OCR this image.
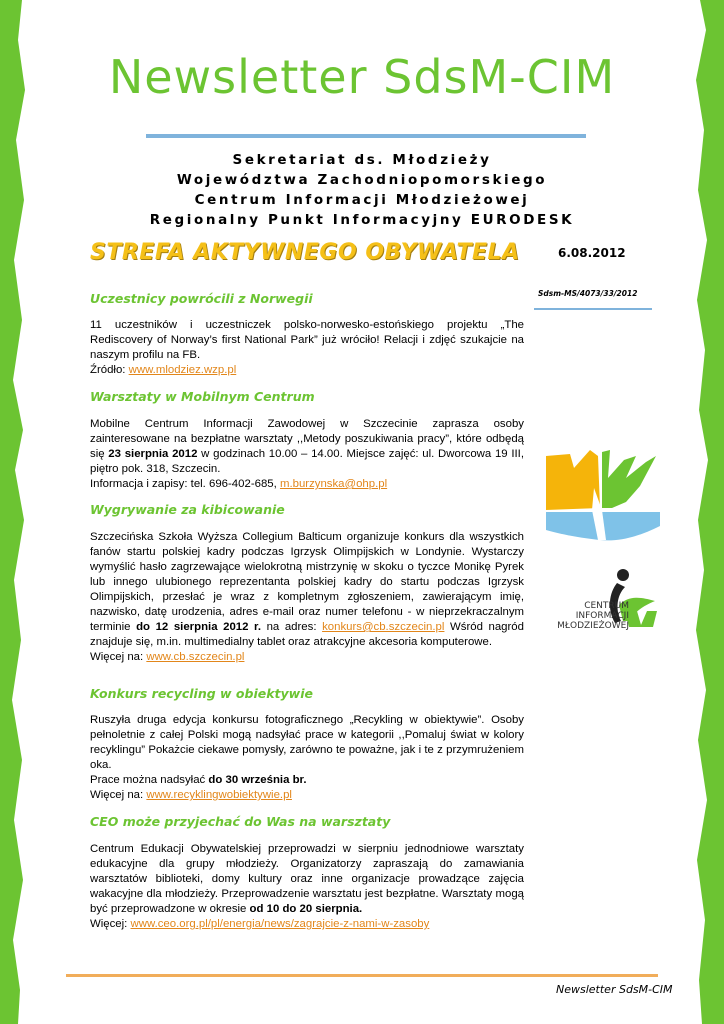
Newsletter SdsM-CIM
Sekretariat ds. Młodzieży
Województwa Zachodniopomorskiego
Centrum Informacji Młodzieżowej
Regionalny Punkt Informacyjny EURODESK
STREFA AKTYWNEGO OBYWATELA	6.08.2012
Sdsm-MS/4073/33/2012
Uczestnicy powrócili z Norwegii

11 uczestników i uczestniczek polsko-norwesko-estońskiego projektu „The Rediscovery of Norway’s first National Park” już wróciło! Relacji i zdjęć szukajcie na naszym profilu na FB.
Źródło: www.mlodziez.wzp.pl

Warsztaty w Mobilnym Centrum

Mobilne Centrum Informacji Zawodowej w Szczecinie zaprasza osoby zainteresowane na bezpłatne warsztaty ,,Metody poszukiwania pracy”, które odbędą się 23 sierpnia 2012 w godzinach 10.00 – 14.00. Miejsce zajęć: ul. Dworcowa 19 III, piętro pok. 318, Szczecin.
Informacja i zapisy: tel. 696-402-685, m.burzynska@ohp.pl

Wygrywanie za kibicowanie

Szczecińska Szkoła Wyższa Collegium Balticum organizuje konkurs dla wszystkich fanów startu polskiej kadry podczas Igrzysk Olimpijskich w Londynie. Wystarczy wymyślić hasło zagrzewające wielokrotną mistrzynię w skoku o tyczce Monikę Pyrek lub innego ulubionego reprezentanta polskiej kadry do startu podczas Igrzysk Olimpijskich, przesłać je wraz z kompletnym zgłoszeniem, zawierającym imię, nazwisko, datę urodzenia, adres e-mail oraz numer telefonu - w nieprzekraczalnym terminie do 12 sierpnia 2012 r. na adres: konkurs@cb.szczecin.pl Wśród nagród znajduje się, m.in. multimedialny tablet oraz atrakcyjne akcesoria komputerowe.
Więcej na: www.cb.szczecin.pl

Konkurs recycling w obiektywie

Ruszyła druga edycja konkursu fotograficznego „Recykling w obiektywie”. Osoby pełnoletnie z całej Polski mogą nadsyłać prace w kategorii ,,Pomaluj świat w kolory recyklingu” Pokażcie ciekawe pomysły, zarówno te poważne, jak i te z przymrużeniem oka.
Prace można nadsyłać do 30 września br.
Więcej na: www.recyklingwobiektywie.pl

CEO może przyjechać do Was na warsztaty

Centrum Edukacji Obywatelskiej przeprowadzi w sierpniu jednodniowe warsztaty edukacyjne dla grupy młodzieży. Organizatorzy zapraszają do zamawiania warsztatów biblioteki, domy kultury oraz inne organizacje prowadzące zajęcia wakacyjne dla młodzieży. Przeprowadzenie warsztatu jest bezpłatne. Warsztaty mogą być przeprowadzone w okresie od 10 do 20 sierpnia.
Więcej: www.ceo.org.pl/pl/energia/news/zagrajcie-z-nami-w-zasoby

CENTRUM
INFORMACJI
MŁODZIEŻOWEJ
Newsletter SdsM-CIM
